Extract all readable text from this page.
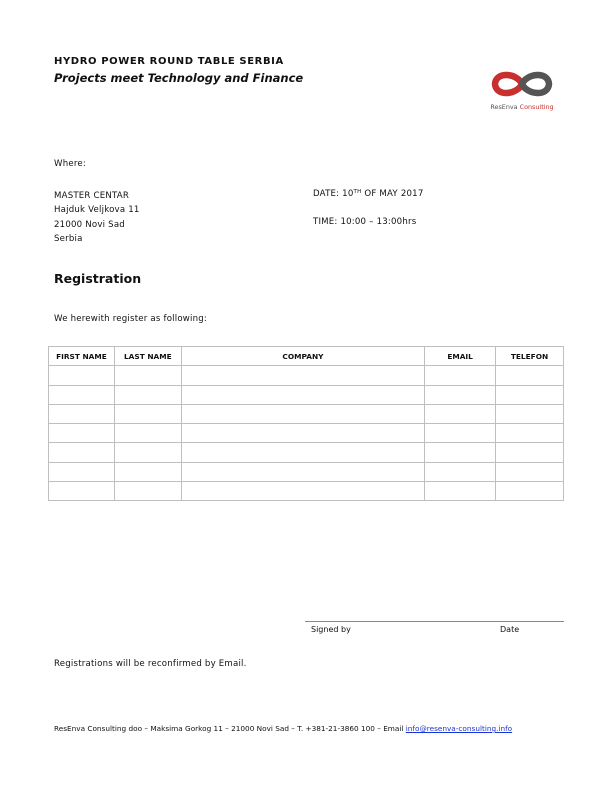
HYDRO POWER ROUND TABLE SERBIA
Projects meet Technology and Finance
ResEnva Consulting
Where:
MASTER CENTAR
Hajduk Veljkova 11
21000 Novi Sad
Serbia
DATE: 10TH OF MAY 2017
TIME: 10:00 – 13:00hrs
Registration
We herewith register as following:
FIRST NAME	LAST NAME	COMPANY	EMAIL	TELEFON

Signed by	Date
Registrations will be reconfirmed by Email.
ResEnva Consulting doo – Maksima Gorkog 11 – 21000 Novi Sad – T. +381-21-3860 100 – Email info@resenva-consulting.info
